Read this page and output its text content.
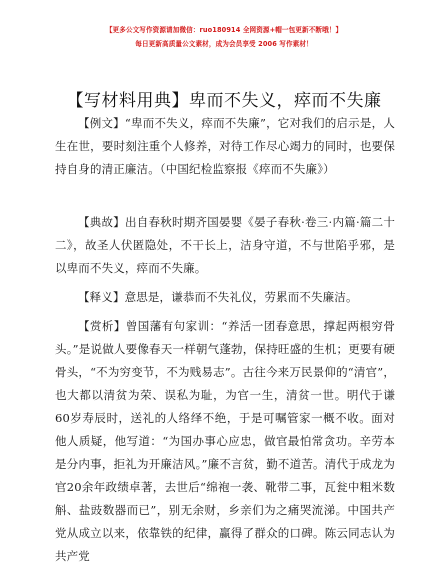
【更多公文写作资源请加微信：ruo180914 全网资源+帽一包更新不断哦！】
每日更新高质量公文素材，成为会员享受 2006 写作素材！
【写材料用典】卑而不失义，瘁而不失廉

【例文】“卑而不失义，瘁而不失廉”，它对我们的启示是，人生在世，要时刻注重个人修养，对待工作尽心竭力的同时，也要保持自身的清正廉洁。（中国纪检监察报《瘁而不失廉》）

【典故】出自春秋时期齐国晏婴《晏子春秋·卷三·内篇·篇二十二》，故圣人伏匿隐处，不干长上，洁身守道，不与世陷乎邪，是以卑而不失义，瘁而不失廉。

【释义】意思是，谦恭而不失礼仪，劳累而不失廉洁。

【赏析】曾国藩有句家训：“养活一团春意思，撑起两根穷骨头。”是说做人要像春天一样朝气蓬勃，保持旺盛的生机；更要有硬骨头，“不为穷变节，不为贱易志”。古往今来万民景仰的“清官”，也大都以清贫为荣、误私为耻，为官一生，清贫一世。明代于谦60岁寿辰时，送礼的人络绎不绝，于是可嘱管家一概不收。面对他人质疑，他写道：“为国办事心应忠，做官最怕常贪功。辛劳本是分内事，拒礼为开廉洁风。”廉不言贫，勤不道苦。清代于成龙为官20余年政绩卓著，去世后“绵袍一袭、靴带二事，瓦瓮中粗米数斛、盐豉数器而已”，别无余财，乡亲们为之痛哭流涕。中国共产党从成立以来，依靠铁的纪律，赢得了群众的口碑。陈云同志认为共产党
